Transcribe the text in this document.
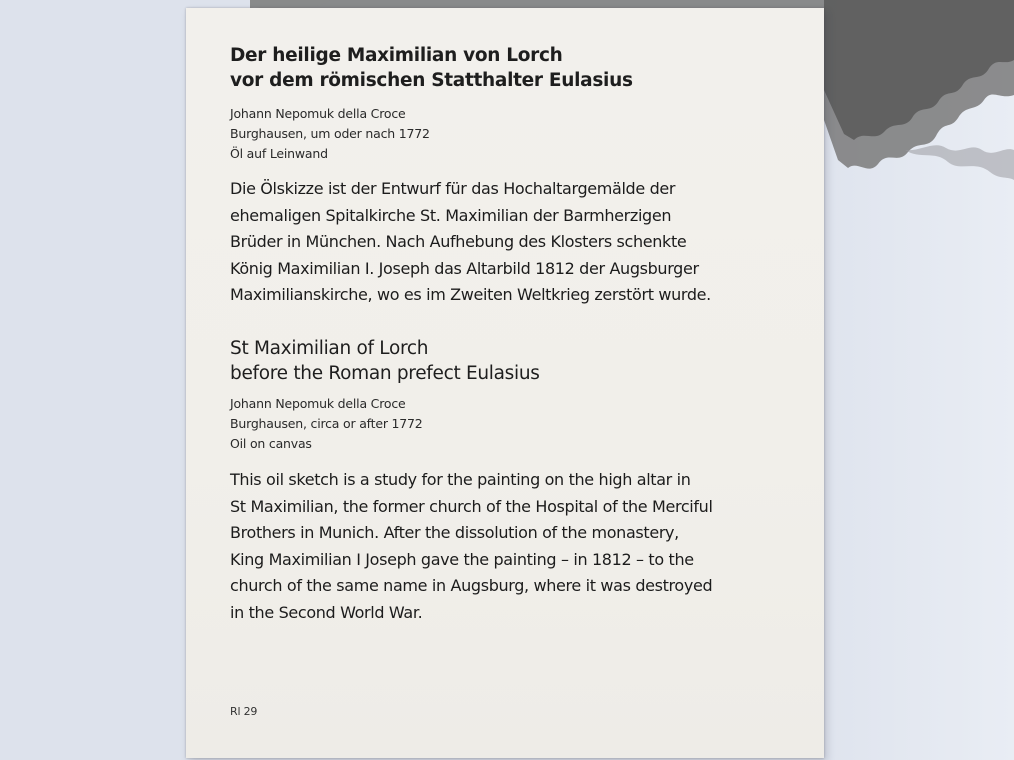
Der heilige Maximilian von Lorch
vor dem römischen Statthalter Eulasius
Johann Nepomuk della Croce
Burghausen, um oder nach 1772
Öl auf Leinwand
Die Ölskizze ist der Entwurf für das Hochaltargemälde der
ehemaligen Spitalkirche St. Maximilian der Barmherzigen
Brüder in München. Nach Aufhebung des Klosters schenkte
König Maximilian I. Joseph das Altarbild 1812 der Augsburger
Maximilianskirche, wo es im Zweiten Weltkrieg zerstört wurde.
St Maximilian of Lorch
before the Roman prefect Eulasius
Johann Nepomuk della Croce
Burghausen, circa or after 1772
Oil on canvas
This oil sketch is a study for the painting on the high altar in
St Maximilian, the former church of the Hospital of the Merciful
Brothers in Munich. After the dissolution of the monastery,
King Maximilian I Joseph gave the painting – in 1812 – to the
church of the same name in Augsburg, where it was destroyed
in the Second World War.
Rl 29
